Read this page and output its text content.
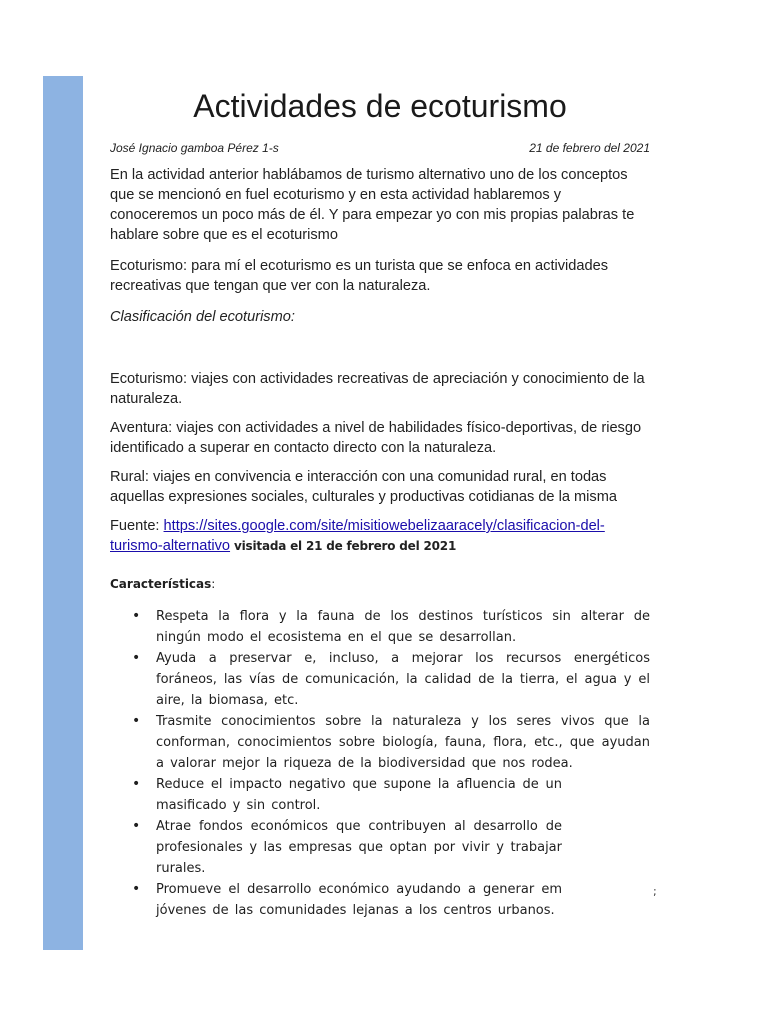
Actividades de ecoturismo
José Ignacio gamboa Pérez 1-s	21 de febrero del 2021

En la actividad anterior hablábamos de turismo alternativo uno de los conceptos que se mencionó en fuel ecoturismo y en esta actividad hablaremos y conoceremos un poco más de él. Y para empezar yo con mis propias palabras te hablare sobre que es el ecoturismo

Ecoturismo: para mí el ecoturismo es un turista que se enfoca en actividades recreativas que tengan que ver con la naturaleza.

Clasificación del ecoturismo:

Ecoturismo: viajes con actividades recreativas de apreciación y conocimiento de la naturaleza.

Aventura: viajes con actividades a nivel de habilidades físico-deportivas, de riesgo identificado a superar en contacto directo con la naturaleza.

Rural: viajes en convivencia e interacción con una comunidad rural, en todas aquellas expresiones sociales, culturales y productivas cotidianas de la misma

Fuente: https://sites.google.com/site/misitiowebelizaaracely/clasificacion-del-turismo-alternativo visitada el 21 de febrero del 2021

Características:
• Respeta la flora y la fauna de los destinos turísticos sin alterar de ningún modo el ecosistema en el que se desarrollan.
• Ayuda a preservar e, incluso, a mejorar los recursos energéticos foráneos, las vías de comunicación, la calidad de la tierra, el agua y el aire, la biomasa, etc.
• Trasmite conocimientos sobre la naturaleza y los seres vivos que la conforman, conocimientos sobre biología, fauna, flora, etc., que ayudan a valorar mejor la riqueza de la biodiversidad que nos rodea.
• Reduce el impacto negativo que supone la afluencia de un masificado y sin control.
• Atrae fondos económicos que contribuyen al desarrollo de profesionales y las empresas que optan por vivir y trabajar rurales.
• Promueve el desarrollo económico ayudando a generar em jóvenes de las comunidades lejanas a los centros urbanos.
;
